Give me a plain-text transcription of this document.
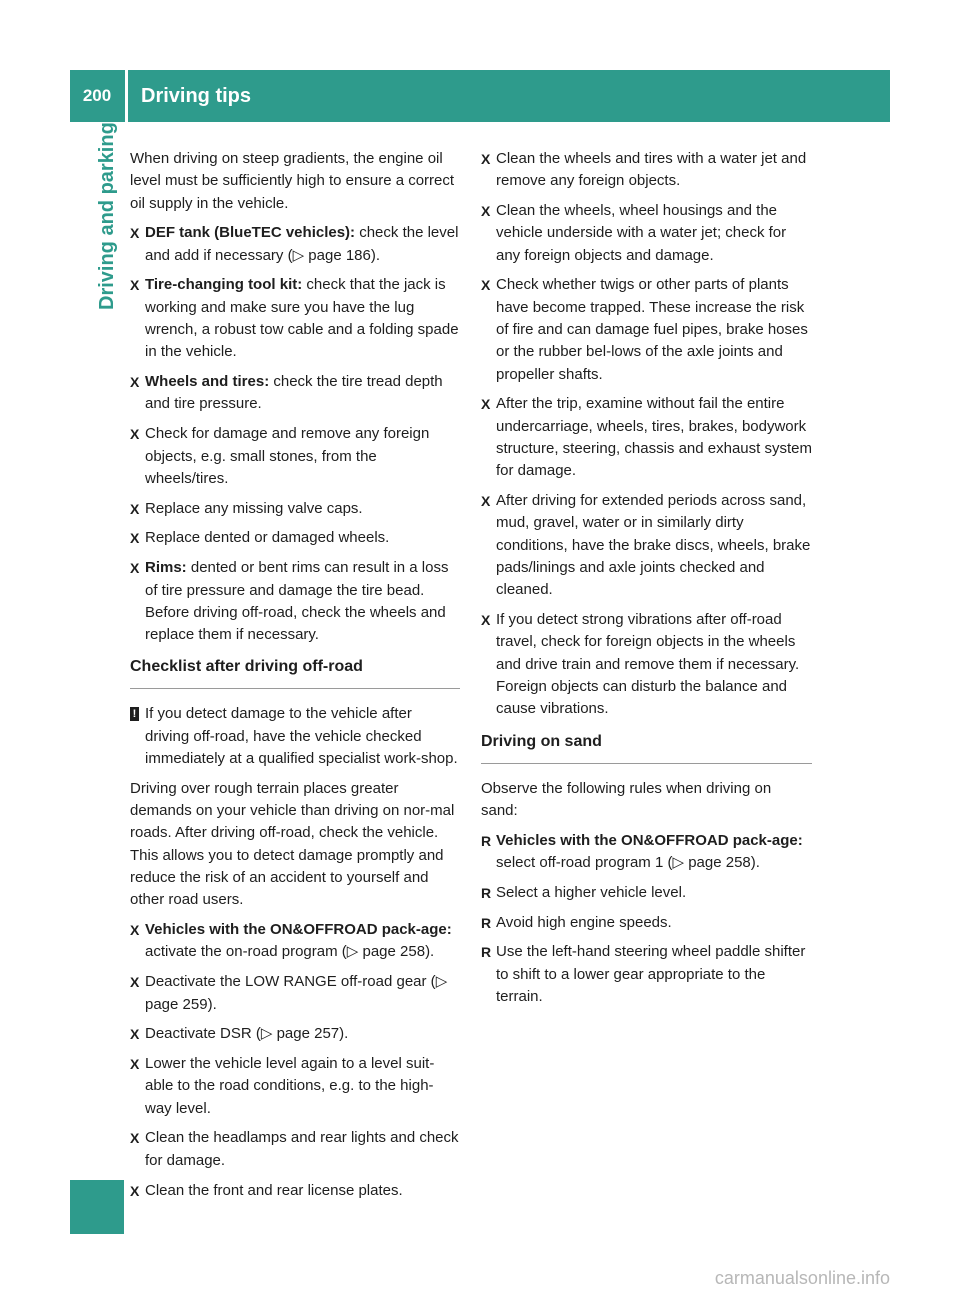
200	Driving tips
Driving and parking When driving on steep gradients, the engine oil level must be sufficiently high to ensure a correct oil supply in the vehicle.
X DEF tank (BlueTEC vehicles): check the level and add if necessary (▷ page 186).
X Tire-changing tool kit: check that the jack is working and make sure you have the lug wrench, a robust tow cable and a folding spade in the vehicle.
X Wheels and tires: check the tire tread depth and tire pressure.
X Check for damage and remove any foreign objects, e.g. small stones, from the wheels/tires.
X Replace any missing valve caps.
X Replace dented or damaged wheels.
X Rims: dented or bent rims can result in a loss of tire pressure and damage the tire bead. Before driving off-road, check the wheels and replace them if necessary.
Checklist after driving off-road
! If you detect damage to the vehicle after driving off-road, have the vehicle checked immediately at a qualified specialist work-shop.
Driving over rough terrain places greater demands on your vehicle than driving on nor-mal roads. After driving off-road, check the vehicle. This allows you to detect damage promptly and reduce the risk of an accident to yourself and other road users.
X Vehicles with the ON&OFFROAD pack-age: activate the on-road program (▷ page 258).
X Deactivate the LOW RANGE off-road gear (▷ page 259).
X Deactivate DSR (▷ page 257).
X Lower the vehicle level again to a level suit-able to the road conditions, e.g. to the high-way level.
X Clean the headlamps and rear lights and check for damage.
X Clean the front and rear license plates.
X Clean the wheels and tires with a water jet and remove any foreign objects.
X Clean the wheels, wheel housings and the vehicle underside with a water jet; check for any foreign objects and damage.
X Check whether twigs or other parts of plants have become trapped. These increase the risk of fire and can damage fuel pipes, brake hoses or the rubber bel-lows of the axle joints and propeller shafts.
X After the trip, examine without fail the entire undercarriage, wheels, tires, brakes, bodywork structure, steering, chassis and exhaust system for damage.
X After driving for extended periods across sand, mud, gravel, water or in similarly dirty conditions, have the brake discs, wheels, brake pads/linings and axle joints checked and cleaned.
X If you detect strong vibrations after off-road travel, check for foreign objects in the wheels and drive train and remove them if necessary. Foreign objects can disturb the balance and cause vibrations.
Driving on sand
Observe the following rules when driving on sand:
R Vehicles with the ON&OFFROAD pack-age: select off-road program 1 (▷ page 258).
R Select a higher vehicle level.
R Avoid high engine speeds.
R Use the left-hand steering wheel paddle shifter to shift to a lower gear appropriate to the terrain.
carmanualsonline.info
